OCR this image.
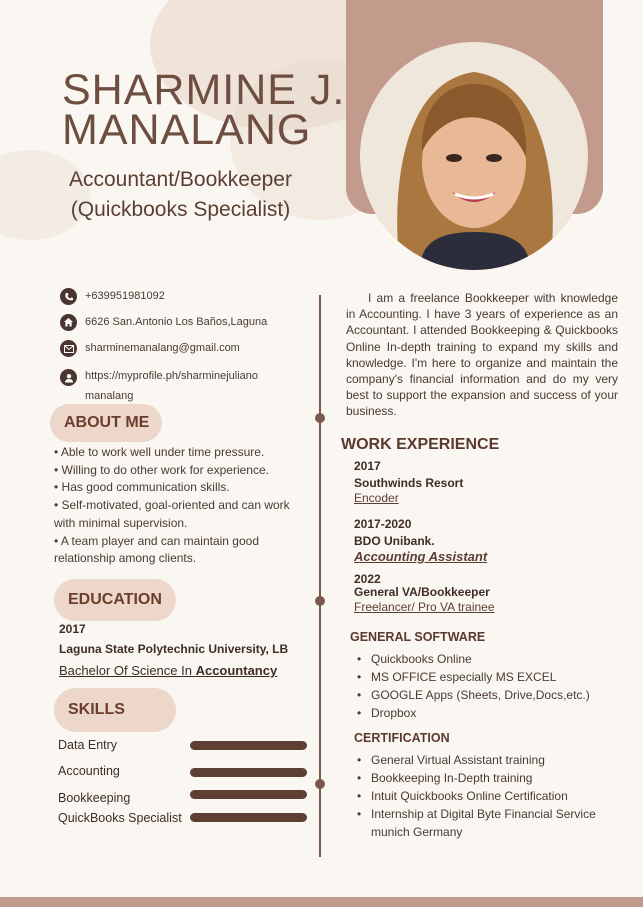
SHARMINE J.
MANALANG
Accountant/Bookkeeper
(Quickbooks Specialist)
+639951981092
6626 San.Antonio Los Baños,Laguna
sharminemanalang@gmail.com
https://myprofile.ph/sharminejuliano
manalang
ABOUT ME
• Able to work well under time pressure.
• Willing to do other work for experience.
• Has good communication skills.
• Self-motivated, goal-oriented and can work with minimal supervision.
• A team player and can maintain good relationship among clients.
EDUCATION
2017
Laguna State Polytechnic University, LB
Bachelor Of Science In Accountancy
SKILLS
Data Entry
Accounting
Bookkeeping
QuickBooks Specialist
I am a freelance Bookkeeper with knowledge in Accounting. I have 3 years of experience as an Accountant. I attended Bookkeeping & Quickbooks Online In-depth training to expand my skills and knowledge. I'm here to organize and maintain the company's financial information and do my very best to support the expansion and success of your business.
WORK EXPERIENCE
2017
Southwinds Resort
Encoder
2017-2020
BDO Unibank.
Accounting Assistant
2022
General VA/Bookkeeper
Freelancer/ Pro VA trainee
GENERAL SOFTWARE
• Quickbooks Online
• MS OFFICE especially MS EXCEL
• GOOGLE Apps (Sheets, Drive,Docs,etc.)
• Dropbox
CERTIFICATION
• General Virtual Assistant training
• Bookkeeping In-Depth training
• Intuit Quickbooks Online Certification
• Internship at Digital Byte Financial Service munich Germany
